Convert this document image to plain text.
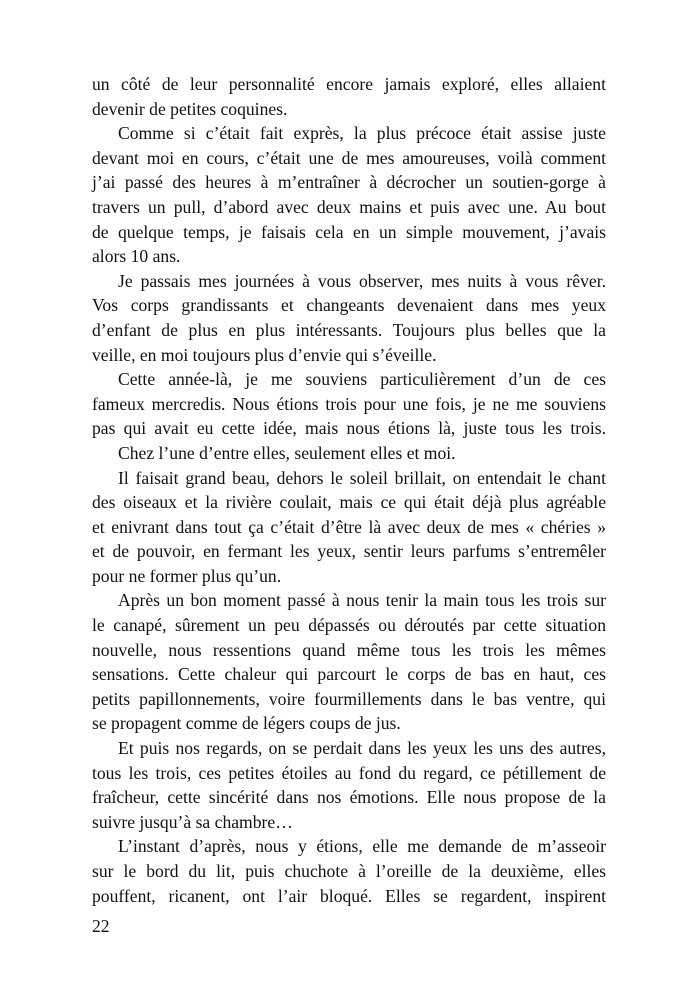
un côté de leur personnalité encore jamais exploré, elles allaient
devenir de petites coquines.

Comme si c’était fait exprès, la plus précoce était assise juste
devant moi en cours, c’était une de mes amoureuses, voilà comment
j’ai passé des heures à m’entraîner à décrocher un soutien-gorge à
travers un pull, d’abord avec deux mains et puis avec une. Au bout
de quelque temps, je faisais cela en un simple mouvement, j’avais
alors 10 ans.

Je passais mes journées à vous observer, mes nuits à vous rêver.
Vos corps grandissants et changeants devenaient dans mes yeux
d’enfant de plus en plus intéressants. Toujours plus belles que la
veille, en moi toujours plus d’envie qui s’éveille.

Cette année-là, je me souviens particulièrement d’un de ces
fameux mercredis. Nous étions trois pour une fois, je ne me souviens
pas qui avait eu cette idée, mais nous étions là, juste tous les trois.

Chez l’une d’entre elles, seulement elles et moi.

Il faisait grand beau, dehors le soleil brillait, on entendait le chant
des oiseaux et la rivière coulait, mais ce qui était déjà plus agréable
et enivrant dans tout ça c’était d’être là avec deux de mes « chéries »
et de pouvoir, en fermant les yeux, sentir leurs parfums s’entremêler
pour ne former plus qu’un.

Après un bon moment passé à nous tenir la main tous les trois sur
le canapé, sûrement un peu dépassés ou déroutés par cette situation
nouvelle, nous ressentions quand même tous les trois les mêmes
sensations. Cette chaleur qui parcourt le corps de bas en haut, ces
petits papillonnements, voire fourmillements dans le bas ventre, qui
se propagent comme de légers coups de jus.

Et puis nos regards, on se perdait dans les yeux les uns des autres,
tous les trois, ces petites étoiles au fond du regard, ce pétillement de
fraîcheur, cette sincérité dans nos émotions. Elle nous propose de la
suivre jusqu’à sa chambre…

L’instant d’après, nous y étions, elle me demande de m’asseoir
sur le bord du lit, puis chuchote à l’oreille de la deuxième, elles
pouffent, ricanent, ont l’air bloqué. Elles se regardent, inspirent

22
